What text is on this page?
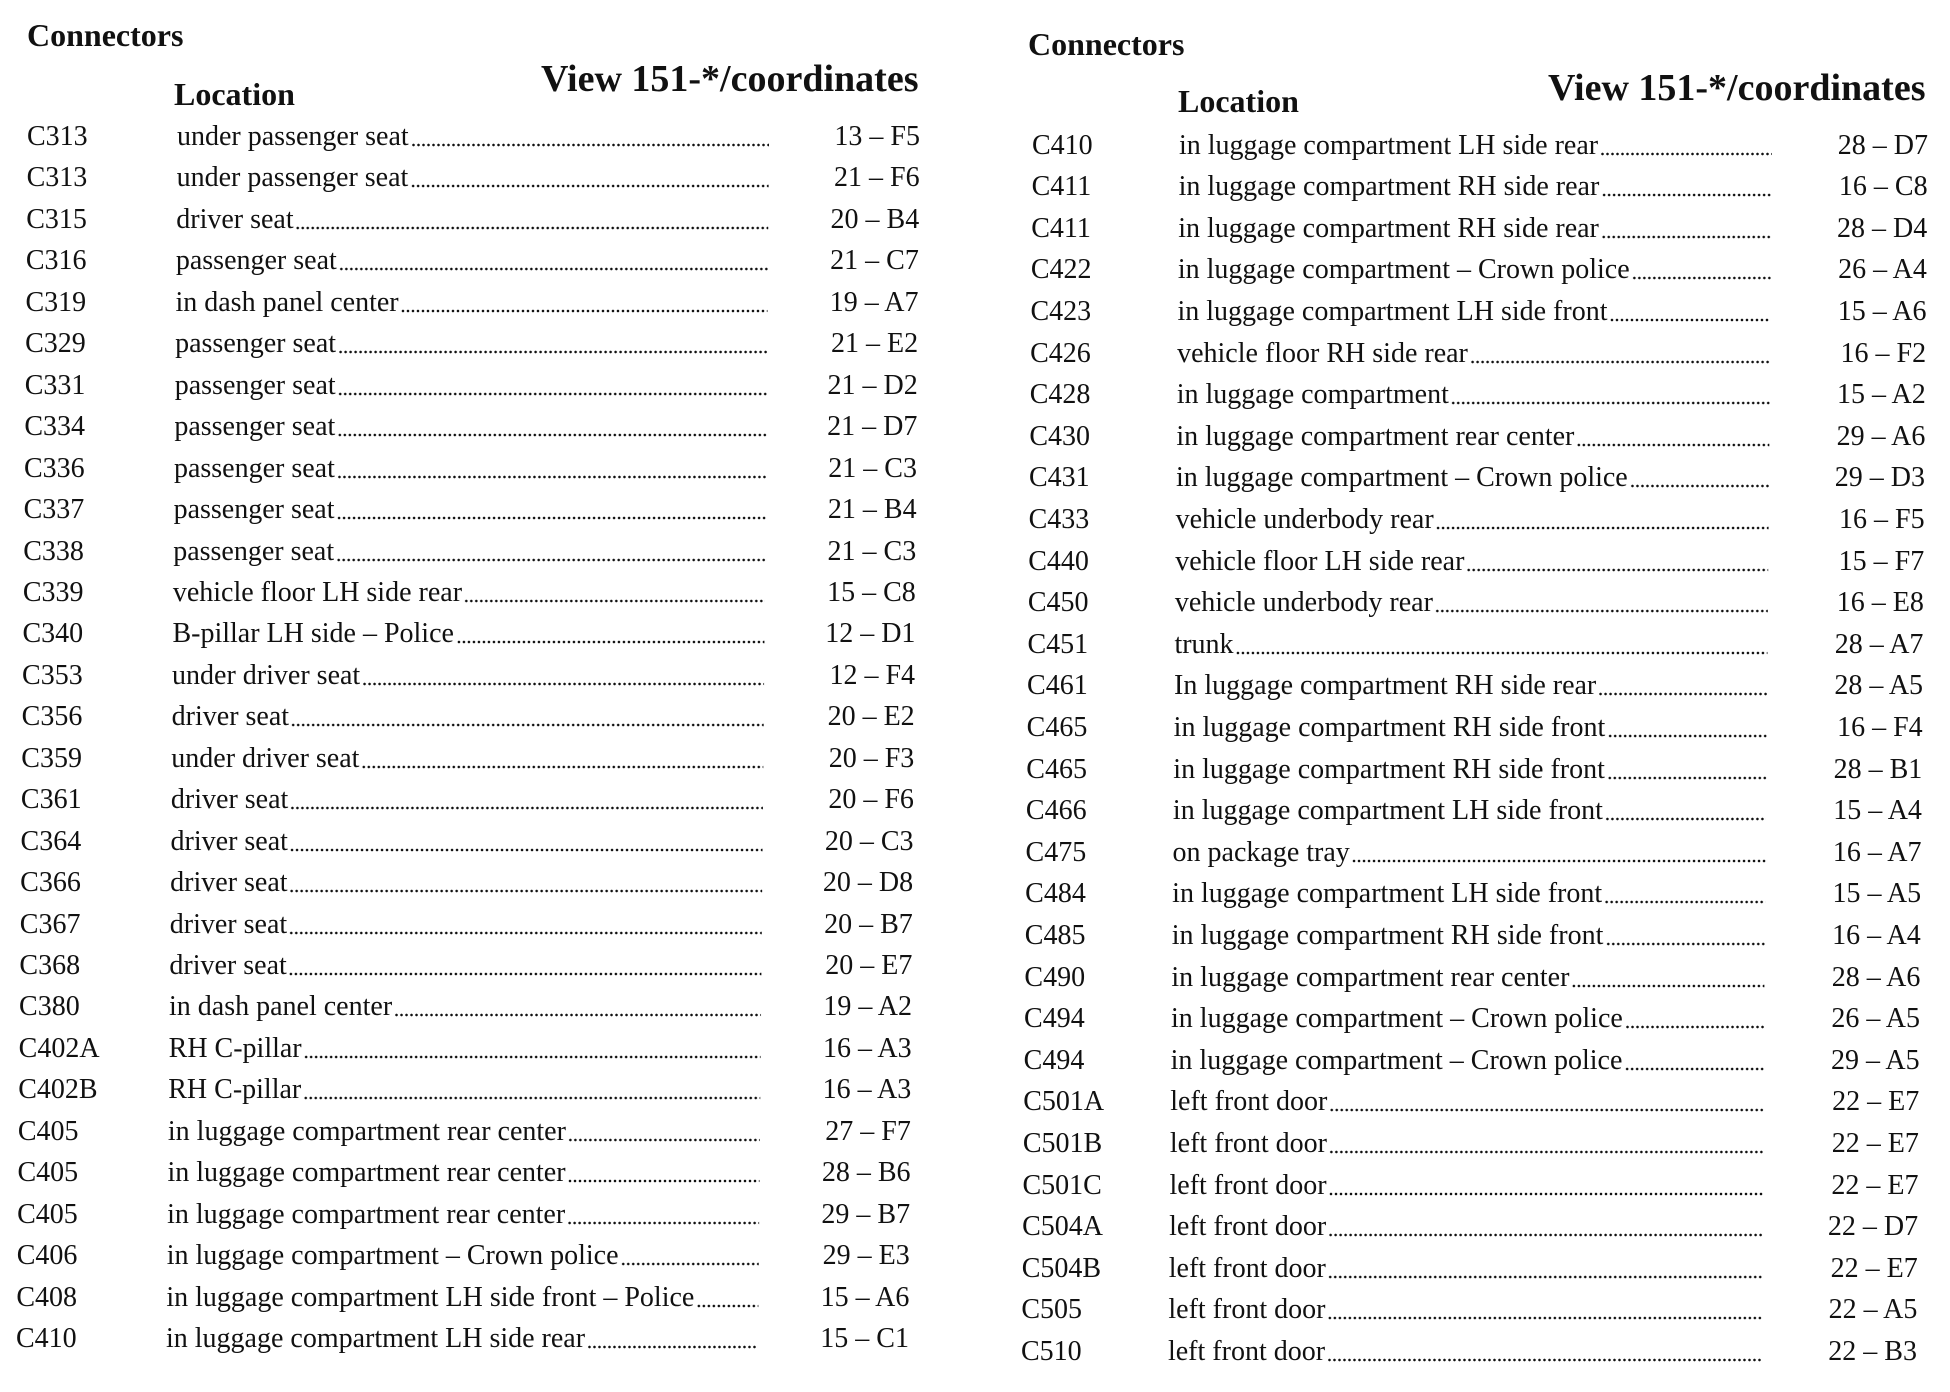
Connectors
Location	View 151-*/coordinates
C313	under passenger seat	13 – F5
C313	under passenger seat	21 – F6
C315	driver seat	20 – B4
C316	passenger seat	21 – C7
C319	in dash panel center	19 – A7
C329	passenger seat	21 – E2
C331	passenger seat	21 – D2
C334	passenger seat	21 – D7
C336	passenger seat	21 – C3
C337	passenger seat	21 – B4
C338	passenger seat	21 – C3
C339	vehicle floor LH side rear	15 – C8
C340	B-pillar LH side – Police	12 – D1
C353	under driver seat	12 – F4
C356	driver seat	20 – E2
C359	under driver seat	20 – F3
C361	driver seat	20 – F6
C364	driver seat	20 – C3
C366	driver seat	20 – D8
C367	driver seat	20 – B7
C368	driver seat	20 – E7
C380	in dash panel center	19 – A2
C402A RH C-pillar	16 – A3
C402B	RH C-pillar	16 – A3
C405	in luggage compartment rear center	27 – F7
C405	in luggage compartment rear center	28 – B6
C405	in luggage compartment rear center	29 – B7
C406	in luggage compartment – Crown police	29 – E3
C408	in luggage compartment LH side front – Police	15 – A6
C410	in luggage compartment LH side rear	15 – C1
Connectors
Location	View 151-*/coordinates
C410	in luggage compartment LH side rear	28 – D7
C411	in luggage compartment RH side rear	16 – C8
C411	in luggage compartment RH side rear	28 – D4
C422	in luggage compartment – Crown police	26 – A4
C423	in luggage compartment LH side front	15 – A6
C426	vehicle floor RH side rear	16 – F2
C428	in luggage compartment	15 – A2
C430	in luggage compartment rear center	29 – A6
C431	in luggage compartment – Crown police	29 – D3
C433	vehicle underbody rear	16 – F5
C440	vehicle floor LH side rear	15 – F7
C450	vehicle underbody rear	16 – E8
C451	trunk	28 – A7
C461	In luggage compartment RH side rear	28 – A5
C465	in luggage compartment RH side front	16 – F4
C465	in luggage compartment RH side front	28 – B1
C466	in luggage compartment LH side front	15 – A4
C475	on package tray	16 – A7
C484	in luggage compartment LH side front	15 – A5
C485	in luggage compartment RH side front	16 – A4
C490	in luggage compartment rear center	28 – A6
C494	in luggage compartment – Crown police	26 – A5
C494	in luggage compartment – Crown police	29 – A5
C501A left front door	22 – E7
C501B left front door	22 – E7
C501C left front door	22 – E7
C504A left front door	22 – D7
C504B left front door	22 – E7
C505	left front door	22 – A5
C510	left front door	22 – B3
